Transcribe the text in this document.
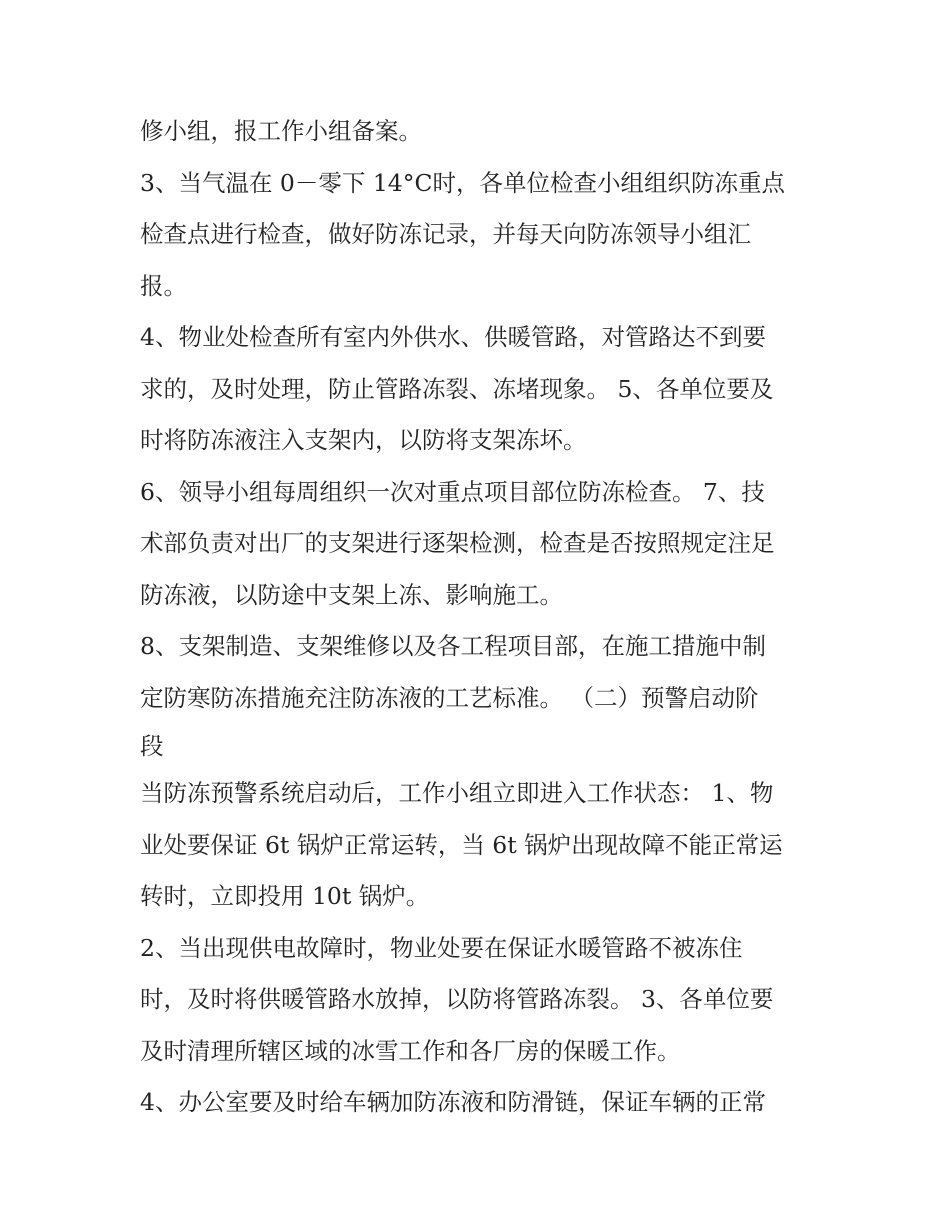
修小组，报工作小组备案。
3、当气温在 0－零下 14°C时，各单位检查小组组织防冻重点
检查点进行检查，做好防冻记录，并每天向防冻领导小组汇
报。
4、物业处检查所有室内外供水、供暖管路，对管路达不到要
求的，及时处理，防止管路冻裂、冻堵现象。 5、各单位要及
时将防冻液注入支架内，以防将支架冻坏。
6、领导小组每周组织一次对重点项目部位防冻检查。 7、技
术部负责对出厂的支架进行逐架检测，检查是否按照规定注足
防冻液，以防途中支架上冻、影响施工。
8、支架制造、支架维修以及各工程项目部，在施工措施中制
定防寒防冻措施充注防冻液的工艺标准。 （二）预警启动阶
段
当防冻预警系统启动后，工作小组立即进入工作状态： 1、物
业处要保证 6t 锅炉正常运转，当 6t 锅炉出现故障不能正常运
转时，立即投用 10t 锅炉。
2、当出现供电故障时，物业处要在保证水暖管路不被冻住
时，及时将供暖管路水放掉，以防将管路冻裂。 3、各单位要
及时清理所辖区域的冰雪工作和各厂房的保暖工作。
4、办公室要及时给车辆加防冻液和防滑链，保证车辆的正常
